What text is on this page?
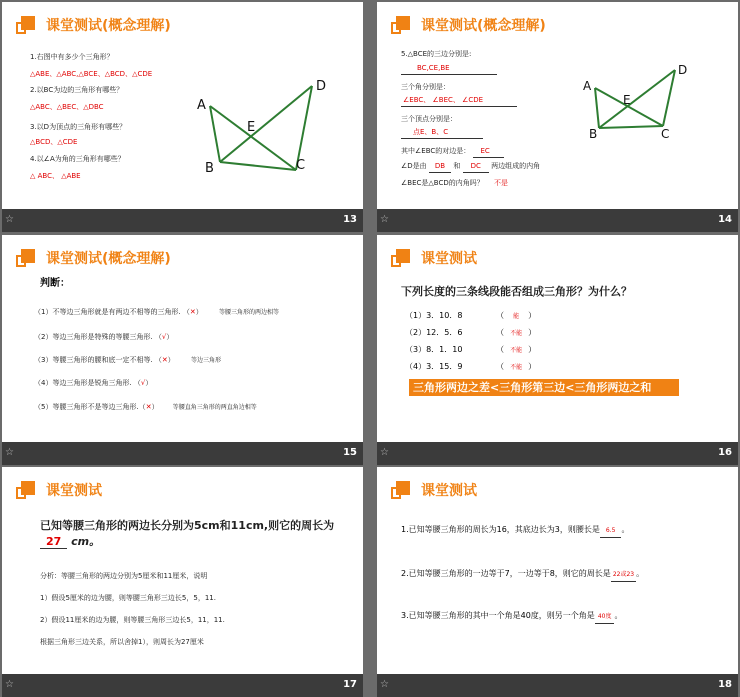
课堂测试(概念理解)
1.右图中有多少个三角形？
△ABE、△ABC,△BCE、△BCD、△CDE
2.以BC为边的三角形有哪些？
△ABC、△BEC、△DBC
3.以D为顶点的三角形有哪些？
△BCD、△CDE
4.以∠A为角的三角形有哪些？
△ ABC、 △ABE
A
B	C
D
E
☆	13
课堂测试(概念理解)
5.△BCE的三边分别是:
BC,CE,BE
三个角分别是：
∠EBC、 ∠BEC、 ∠CDE
三个顶点分别是：
点E、B、C
其中∠EBC的对边是： EC
∠D是由 DB 和 DC 两边组成的内角
∠BEC是△BCD的内角吗？ 不是
A
B	C
D
E
☆	14
课堂测试(概念理解)
判断：
（1）不等边三角形就是有两边不相等的三角形. （✕）	等腰三角形的两边相等
（2）等边三角形是特殊的等腰三角形. （√）
（3）等腰三角形的腰和底一定不相等. （✕）	等边三角形
（4）等边三角形是锐角三角形. （√）
（5）等腰三角形不是等边三角形.（✕） 等腰直角三角形的两直角边相等
☆	15
课堂测试
下列长度的三条线段能否组成三角形？为什么？
（1）3．10．8	（ 能 ）
（2）12．5．6	（ 不能 ）
（3）8．1．10	（ 不能 ）
（4）3．15．9	（ 不能 ）
三角形两边之差<三角形第三边<三角形两边之和
☆	16
课堂测试
已知等腰三角形的两边长分别为5cm和11cm,则它的周长为
27 cm。
分析：等腰三角形的两边分别为5厘米和11厘米，说明
1）假设5厘米的边为腰，则等腰三角形三边长5，5，11.
2）假设11厘米的边为腰，则等腰三角形三边长5，11，11.
根据三角形三边关系，所以舍掉1），则周长为27厘米
☆	17
课堂测试
1.已知等腰三角形的周长为16，其底边长为3，则腰长是 6.5 。
2.已知等腰三角形的一边等于7，一边等于8，则它的周长是 22或23 。
3.已知等腰三角形的其中一个角是40度，则另一个角是 40度 。
☆	18
